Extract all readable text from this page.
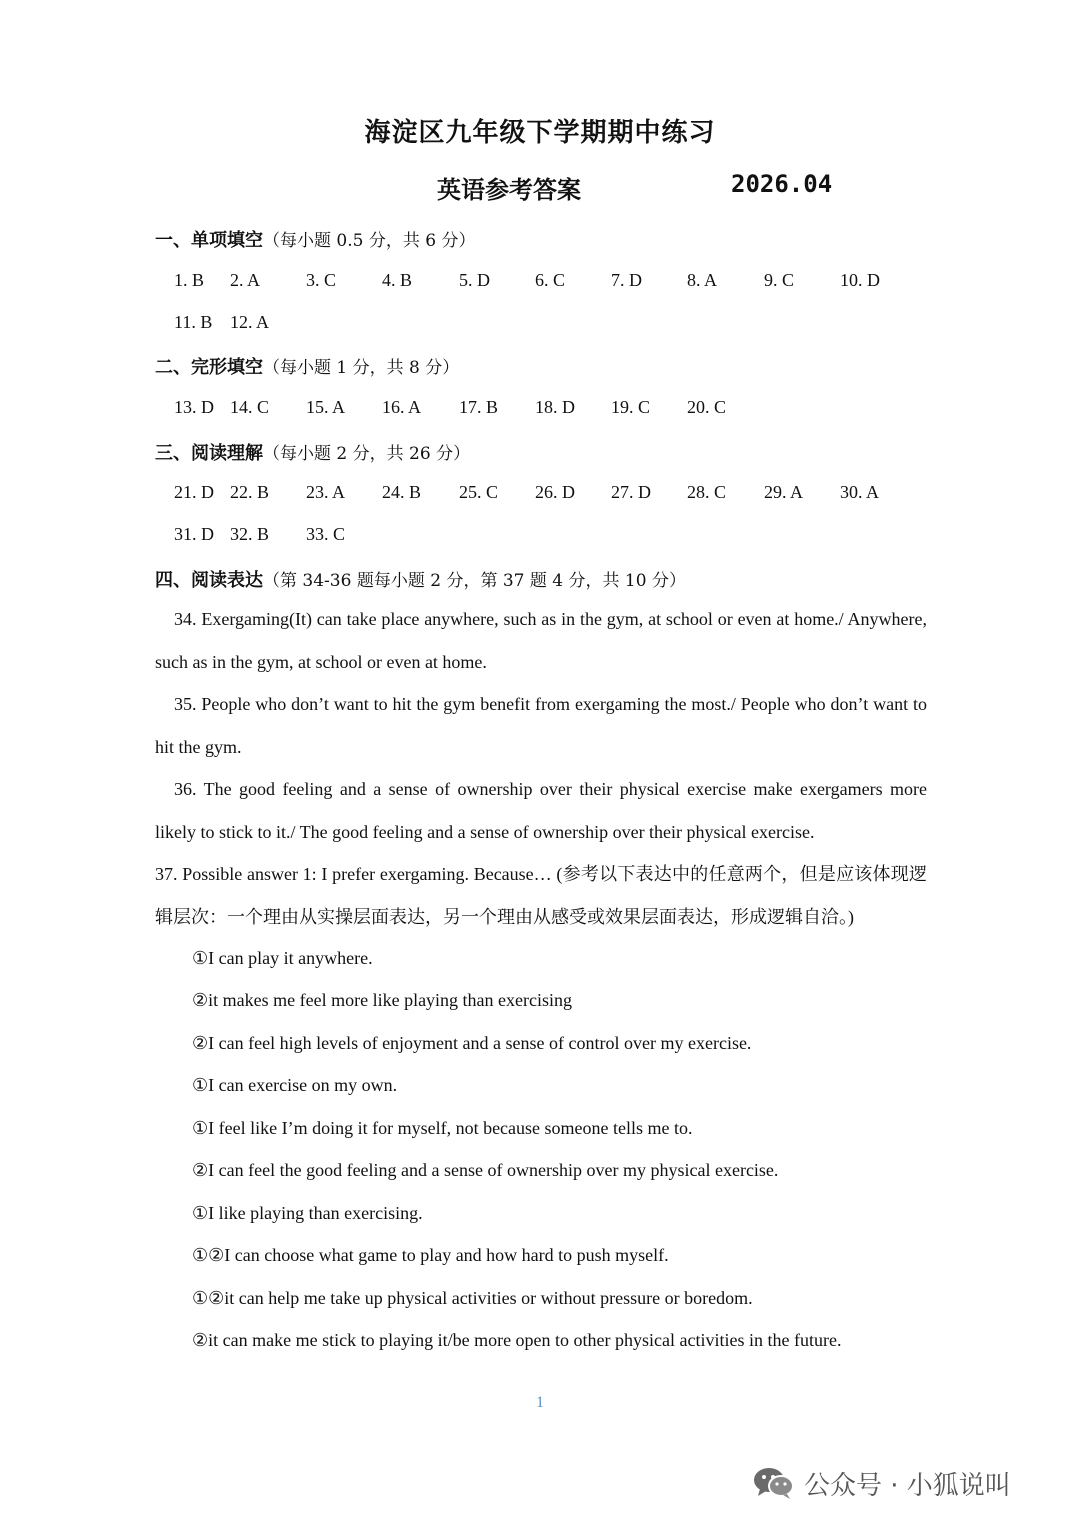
海淀区九年级下学期期中练习
英语参考答案	2026.04
一、单项填空（每小题 0.5 分，共 6 分）
1. B 2. A	3. C	4. B	5. D	6. C	7. D	8. A	9. C	10. D
11. B 12. A
二、完形填空（每小题 1 分，共 8 分）
13. D 14. C 15. A 16. A 17. B 18. D 19. C 20. C
三、阅读理解（每小题 2 分，共 26 分）
21. D 22. B 23. A 24. B 25. C 26. D 27. D 28. C 29. A 30. A
31. D 32. B 33. C
四、阅读表达（第 34-36 题每小题 2 分，第 37 题 4 分，共 10 分）
34. Exergaming(It) can take place anywhere, such as in the gym, at school or even at home./ Anywhere, such as in the gym, at school or even at home.
35. People who don’t want to hit the gym benefit from exergaming the most./ People who don’t want to hit the gym.
36. The good feeling and a sense of ownership over their physical exercise make exergamers more likely to stick to it./ The good feeling and a sense of ownership over their physical exercise.
37. Possible answer 1: I prefer exergaming. Because… (参考以下表达中的任意两个，但是应该体现逻辑层次：一个理由从实操层面表达，另一个理由从感受或效果层面表达，形成逻辑自洽。)
①I can play it anywhere.
②it makes me feel more like playing than exercising
②I can feel high levels of enjoyment and a sense of control over my exercise.
①I can exercise on my own.
①I feel like I’m doing it for myself, not because someone tells me to.
②I can feel the good feeling and a sense of ownership over my physical exercise.
①I like playing than exercising.
①②I can choose what game to play and how hard to push myself.
①②it can help me take up physical activities or without pressure or boredom.
②it can make me stick to playing it/be more open to other physical activities in the future.
1
公众号 · 小狐说叫
